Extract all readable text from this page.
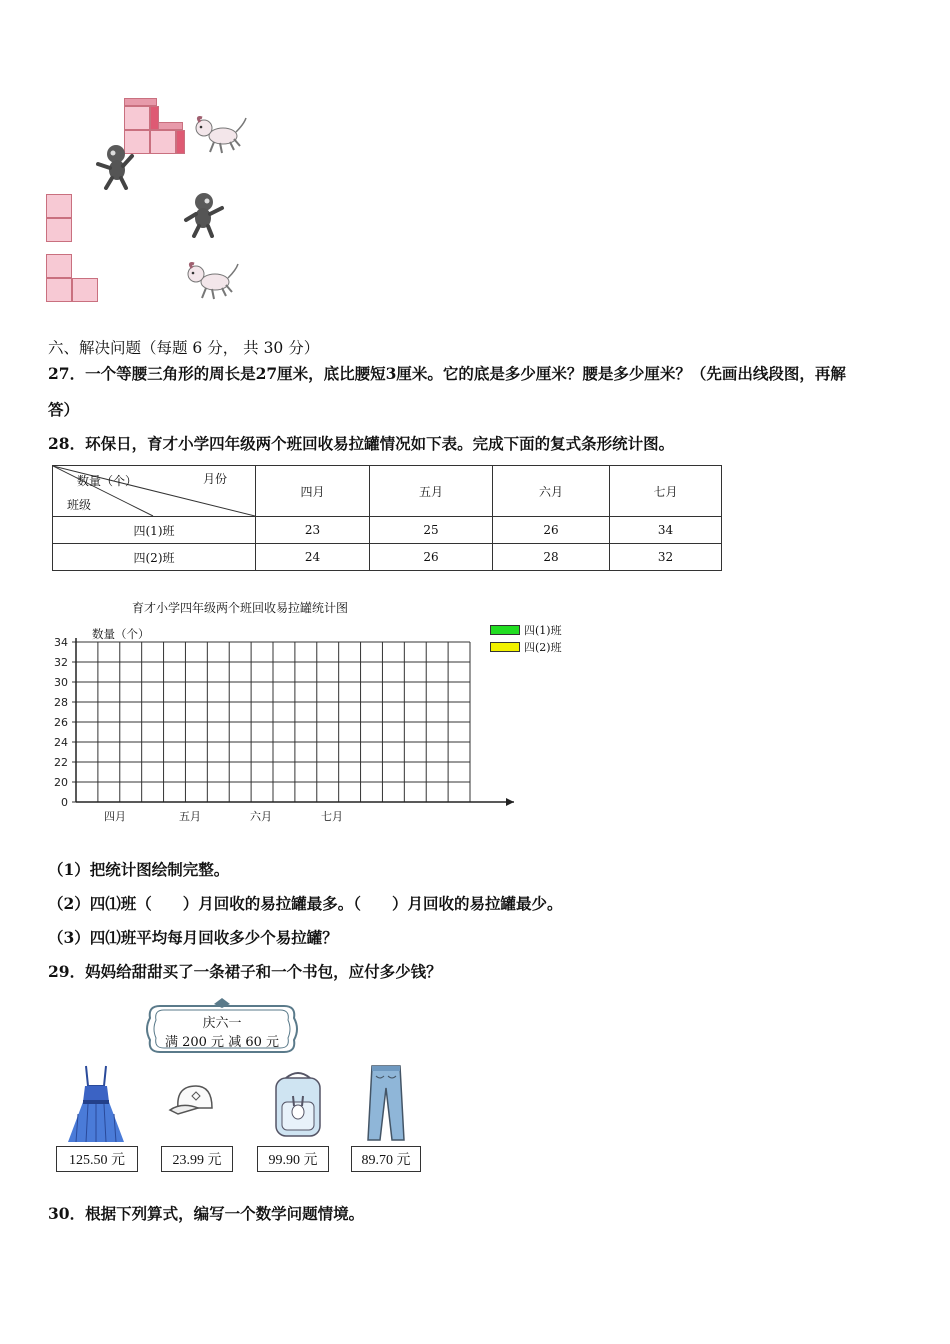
六、解决问题（每题 6 分， 共 30 分）
27．一个等腰三角形的周长是27厘米，底比腰短3厘米。它的底是多少厘米？腰是多少厘米？（先画出线段图，再解
答）
28．环保日，育才小学四年级两个班回收易拉罐情况如下表。完成下面的复式条形统计图。
数量（个） 月份
班级	四月	五月	六月	七月
四(1)班	23	25	26	34
四(2)班	24	26	28	32
育才小学四年级两个班回收易拉罐统计图
数量（个）	四(1)班
四(2)班
0
20
22
24
26
28
30
32
34
四月	五月	六月	七月
（1）把统计图绘制完整。
（2）四⑴班（　　）月回收的易拉罐最多。（　　）月回收的易拉罐最少。
（3）四⑴班平均每月回收多少个易拉罐？
29．妈妈给甜甜买了一条裙子和一个书包，应付多少钱？
庆六一
满 200 元 减 60 元
125.50 元	23.99 元	99.90 元	89.70 元
30．根据下列算式，编写一个数学问题情境。
